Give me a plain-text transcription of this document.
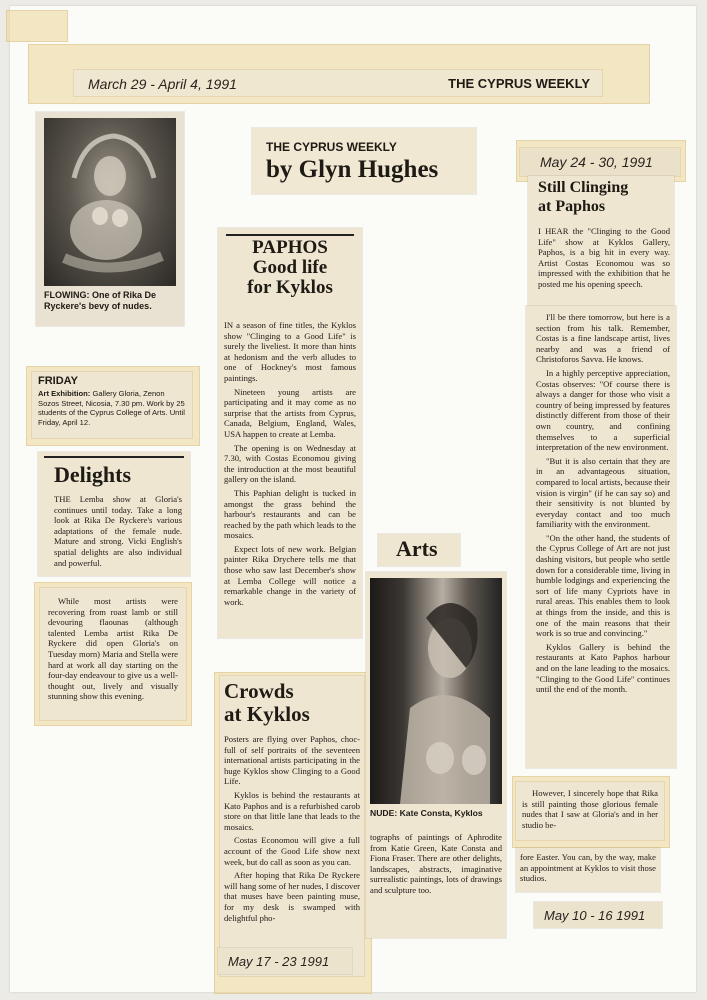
March 29 - April 4, 1991	THE CYPRUS WEEKLY
FLOWING: One of Rika De Ryckere's bevy of nudes.
FRIDAY
Art Exhibition: Gallery Gloria, Zenon Sozos Street, Nicosia, 7.30 pm. Work by 25 students of the Cyprus College of Arts. Until Friday, April 12.
Delights

THE Lemba show at Gloria's continues until today. Take a long look at Rika De Ryckere's various adaptations of the female nude. Mature and strong. Vicki English's spatial delights are also individual and powerful.

While most artists were recovering from roast lamb or still devouring flaounas (although talented Lemba artist Rika De Ryckere did open Gloria's on Tuesday morn) Maria and Stella were hard at work all day starting on the four-day endeavour to give us a well-thought out, lively and visually stunning show this evening.

THE CYPRUS WEEKLY
by Glyn Hughes

PAPHOS

Good life

for Kyklos

IN a season of fine titles, the Kyklos show "Clinging to a Good Life" is surely the liveliest. It more than hints at hedonism and the verb alludes to one of Hockney's most famous paintings.

Nineteen young artists are participating and it may come as no surprise that the artists from Cyprus, Canada, Belgium, England, Wales, USA happen to create at Lemba.

The opening is on Wednesday at 7.30, with Costas Economou giving the introduction at the most beautiful gallery on the island.

This Paphian delight is tucked in amongst the grass behind the harbour's restaurants and can be reached by the path which leads to the mosaics.

Expect lots of new work. Belgian painter Rika Drychere tells me that those who saw last December's show at Lemba College will notice a remarkable change in the variety of work.

Crowds
at Kyklos

Posters are flying over Paphos, choc-full of self portraits of the seventeen international artists participating in the huge Kyklos show Clinging to a Good Life.

Kyklos is behind the restaurants at Kato Paphos and is a refurbished carob store on that little lane that leads to the mosaics.

Costas Economou will give a full account of the Good Life show next week, but do call as soon as you can.

After hoping that Rika De Ryckere will hang some of her nudes, I discover that muses have been painting muse, for my desk is swamped with delightful pho-

May 17 - 23 1991
Arts
NUDE: Kate Consta, Kyklos

tographs of paintings of Aphrodite from Katie Green, Kate Consta and Fiona Fraser. There are other delights, landscapes, abstracts, imaginative surrealistic paintings, lots of drawings and sculpture too.

May 24 - 30, 1991
Still Clinging
at Paphos

I HEAR the "Clinging to the Good Life" show at Kyklos Gallery, Paphos, is a big hit in every way. Artist Costas Economou was so impressed with the exhibition that he posted me his opening speech.

I'll be there tomorrow, but here is a section from his talk. Remember, Costas is a fine landscape artist, lives nearby and was a friend of Christoforos Savva. He knows.

In a highly perceptive appreciation, Costas observes: "Of course there is always a danger for those who visit a country of being impressed by features distinctly different from those of their own country, and confining themselves to a superficial interpretation of the new environment.

"But it is also certain that they are in an advantageous situation, compared to local artists, because their vision is virgin" (if he can say so) and their sensitivity is not blunted by everyday contact and too much familiarity with the environment.

"On the other hand, the students of the Cyprus College of Art are not just dashing visitors, but people who settle down for a considerable time, living in humble lodgings and experiencing the sort of life many Cypriots have in rural areas. This enables them to look at things from the inside, and this is one of the main reasons that their work is so true and convincing."

Kyklos Gallery is behind the restaurants at Kato Paphos harbour and on the lane leading to the mosaics. "Clinging to the Good Life" continues until the end of the month.

However, I sincerely hope that Rika is still painting those glorious female nudes that I saw at Gloria's and in her studio be-

fore Easter. You can, by the way, make an appointment at Kyklos to visit those studios.

May 10 - 16 1991
